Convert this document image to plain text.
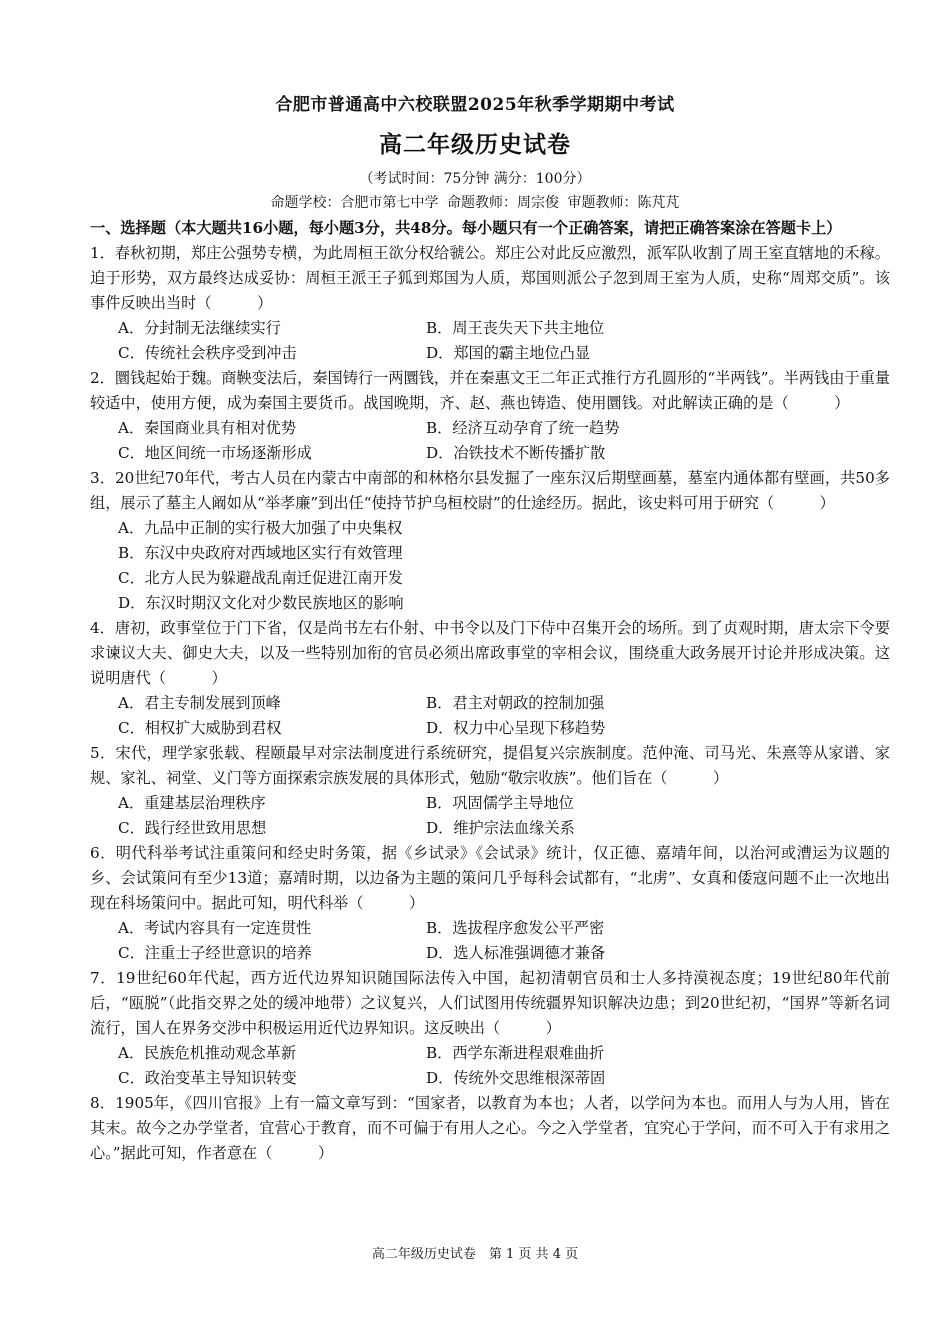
合肥市普通高中六校联盟2025年秋季学期期中考试
高二年级历史试卷
（考试时间：75分钟 满分：100分）
命题学校：合肥市第七中学 命题教师：周宗俊 审题教师：陈芃芃

一、选择题（本大题共16小题，每小题3分，共48分。每小题只有一个正确答案，请把正确答案涂在答题卡上）

1．春秋初期，郑庄公强势专横，为此周桓王欲分权给虢公。郑庄公对此反应激烈，派军队收割了周王室直辖地的禾稼。迫于形势，双方最终达成妥协：周桓王派王子狐到郑国为人质，郑国则派公子忽到周王室为人质，史称“周郑交质”。该事件反映出当时（　　　）

A．分封制无法继续实行	B．周王丧失天下共主地位
C．传统社会秩序受到冲击	D．郑国的霸主地位凸显

2．圜钱起始于魏。商鞅变法后，秦国铸行一两圜钱，并在秦惠文王二年正式推行方孔圆形的“半两钱”。半两钱由于重量较适中，使用方便，成为秦国主要货币。战国晚期，齐、赵、燕也铸造、使用圜钱。对此解读正确的是（　　　）

A．秦国商业具有相对优势	B．经济互动孕育了统一趋势
C．地区间统一市场逐渐形成	D．冶铁技术不断传播扩散

3．20世纪70年代，考古人员在内蒙古中南部的和林格尔县发掘了一座东汉后期壁画墓，墓室内通体都有壁画，共50多组，展示了墓主人阚如从“举孝廉”到出任“使持节护乌桓校尉”的仕途经历。据此，该史料可用于研究（　　　）

A．九品中正制的实行极大加强了中央集权
B．东汉中央政府对西域地区实行有效管理
C．北方人民为躲避战乱南迁促进江南开发
D．东汉时期汉文化对少数民族地区的影响

4．唐初，政事堂位于门下省，仅是尚书左右仆射、中书令以及门下侍中召集开会的场所。到了贞观时期，唐太宗下令要求谏议大夫、御史大夫，以及一些特别加衔的官员必须出席政事堂的宰相会议，围绕重大政务展开讨论并形成决策。这说明唐代（　　　）

A．君主专制发展到顶峰	B．君主对朝政的控制加强
C．相权扩大威胁到君权	D．权力中心呈现下移趋势

5．宋代，理学家张载、程颐最早对宗法制度进行系统研究，提倡复兴宗族制度。范仲淹、司马光、朱熹等从家谱、家规、家礼、祠堂、义门等方面探索宗族发展的具体形式，勉励“敬宗收族”。他们旨在（　　　）

A．重建基层治理秩序	B．巩固儒学主导地位
C．践行经世致用思想	D．维护宗法血缘关系

6．明代科举考试注重策问和经史时务策，据《乡试录》《会试录》统计，仅正德、嘉靖年间，以治河或漕运为议题的乡、会试策问有至少13道；嘉靖时期，以边备为主题的策问几乎每科会试都有，“北虏”、女真和倭寇问题不止一次地出现在科场策问中。据此可知，明代科举（　　　）

A．考试内容具有一定连贯性	B．选拔程序愈发公平严密
C．注重士子经世意识的培养	D．选人标准强调德才兼备

7．19世纪60年代起，西方近代边界知识随国际法传入中国，起初清朝官员和士人多持漠视态度；19世纪80年代前后，“瓯脱”（此指交界之处的缓冲地带）之议复兴，人们试图用传统疆界知识解决边患；到20世纪初，“国界”等新名词流行，国人在界务交涉中积极运用近代边界知识。这反映出（　　　）

A．民族危机推动观念革新	B．西学东渐进程艰难曲折
C．政治变革主导知识转变	D．传统外交思维根深蒂固

8．1905年，《四川官报》上有一篇文章写到：“国家者，以教育为本也；人者，以学问为本也。而用人与为人用，皆在其末。故今之办学堂者，宜营心于教育，而不可偏于有用人之心。今之入学堂者，宜究心于学问，而不可入于有求用之心。”据此可知，作者意在（　　　）

高二年级历史试卷　第 1 页 共 4 页
